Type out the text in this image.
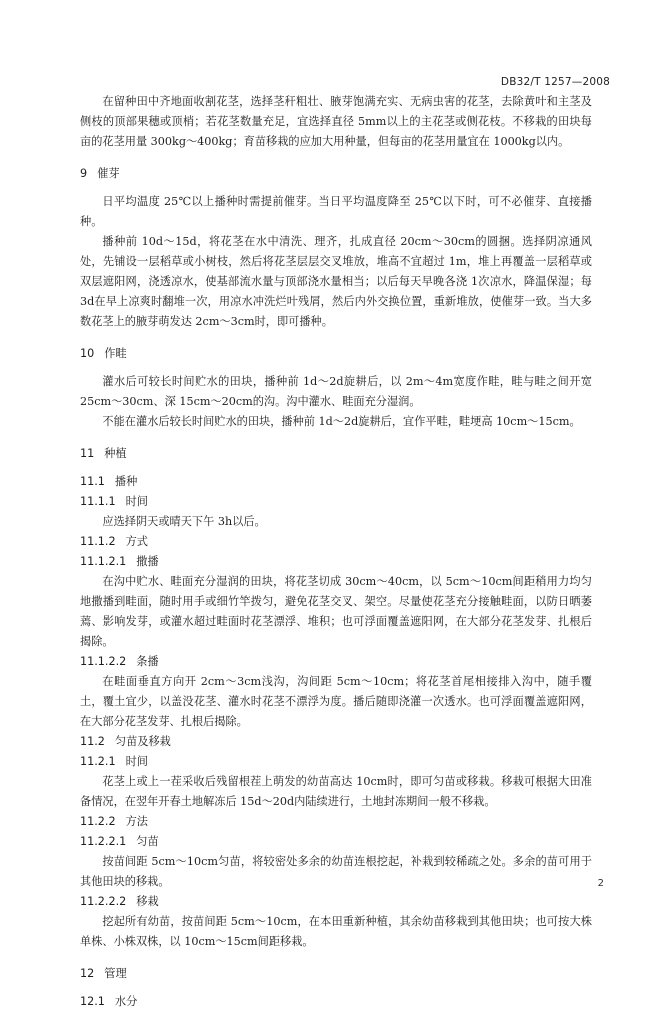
DB32/T 1257—2008

在留种田中齐地面收割花茎，选择茎秆粗壮、腋芽饱满充实、无病虫害的花茎，去除黄叶和主茎及侧枝的顶部果穗或顶梢；若花茎数量充足，宜选择直径 5mm以上的主花茎或侧花枝。不移栽的田块每亩的花茎用量 300kg～400kg；育苗移栽的应加大用种量，但每亩的花茎用量宜在 1000kg以内。

9 催芽

日平均温度 25℃以上播种时需提前催芽。当日平均温度降至 25℃以下时，可不必催芽、直接播种。

播种前 10d～15d，将花茎在水中清洗、理齐，扎成直径 20cm～30cm的圆捆。选择阴凉通风处，先铺设一层稻草或小树枝，然后将花茎层层交叉堆放，堆高不宜超过 1m，堆上再覆盖一层稻草或双层遮阳网，浇透凉水，使基部流水量与顶部浇水量相当；以后每天早晚各浇 1次凉水，降温保湿；每 3d在早上凉爽时翻堆一次，用凉水冲洗烂叶残屑，然后内外交换位置，重新堆放，使催芽一致。当大多数花茎上的腋芽萌发达 2cm～3cm时，即可播种。

10 作畦

灌水后可较长时间贮水的田块，播种前 1d～2d旋耕后，以 2m～4m宽度作畦，畦与畦之间开宽25cm～30cm、深 15cm～20cm的沟。沟中灌水、畦面充分湿润。

不能在灌水后较长时间贮水的田块，播种前 1d～2d旋耕后，宜作平畦，畦埂高 10cm～15cm。

11 种植
11.1 播种
11.1.1 时间

应选择阴天或晴天下午 3h以后。

11.1.2 方式
11.1.2.1 撒播

在沟中贮水、畦面充分湿润的田块，将花茎切成 30cm～40cm，以 5cm～10cm间距稍用力均匀地撒播到畦面，随时用手或细竹竿拨匀，避免花茎交叉、架空。尽量使花茎充分接触畦面，以防日晒萎蔫、影响发芽，或灌水超过畦面时花茎漂浮、堆积；也可浮面覆盖遮阳网，在大部分花茎发芽、扎根后揭除。

11.1.2.2 条播

在畦面垂直方向开 2cm～3cm浅沟，沟间距 5cm～10cm；将花茎首尾相接排入沟中，随手覆土，覆土宜少，以盖没花茎、灌水时花茎不漂浮为度。播后随即浇灌一次透水。也可浮面覆盖遮阳网，在大部分花茎发芽、扎根后揭除。

11.2 匀苗及移栽
11.2.1 时间

花茎上或上一茬采收后残留根茬上萌发的幼苗高达 10cm时，即可匀苗或移栽。移栽可根据大田准备情况，在翌年开春土地解冻后 15d～20d内陆续进行，土地封冻期间一般不移栽。

11.2.2 方法
11.2.2.1 匀苗

按苗间距 5cm～10cm匀苗，将较密处多余的幼苗连根挖起，补栽到较稀疏之处。多余的苗可用于其他田块的移栽。

11.2.2.2 移栽

挖起所有幼苗，按苗间距 5cm～10cm，在本田重新种植，其余幼苗移栽到其他田块；也可按大株单株、小株双株，以 10cm～15cm间距移栽。

12 管理
12.1 水分
2
